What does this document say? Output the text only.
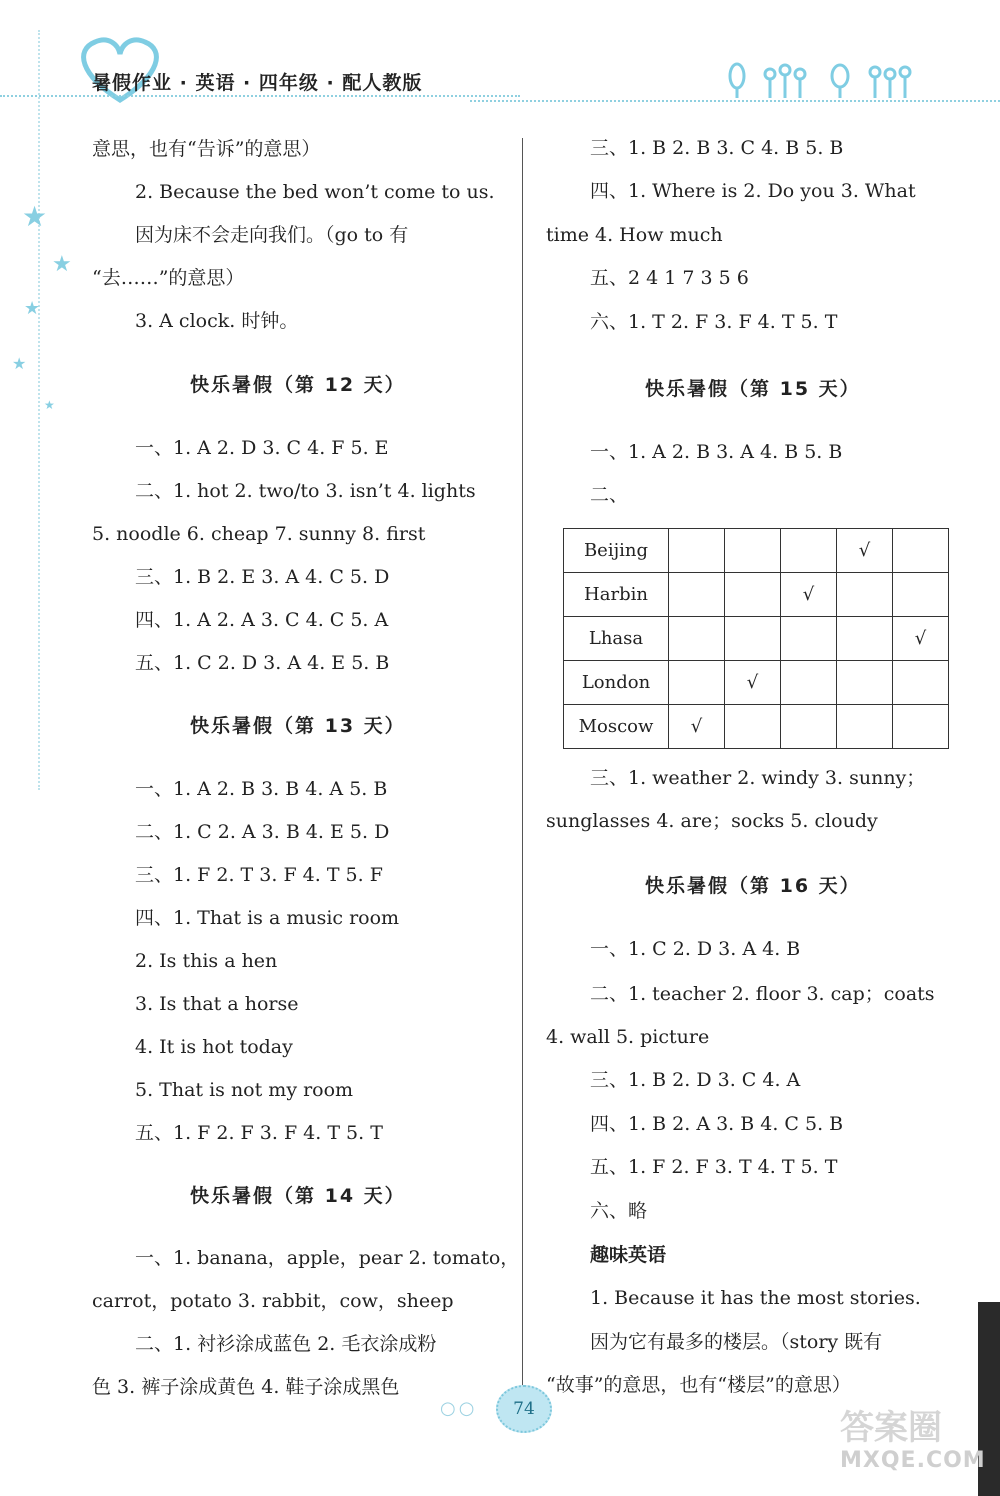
暑假作业 · 英语 · 四年级 · 配人教版
★
★
★
★
★
意思，也有“告诉”的意思）
2. Because the bed won’t come to us.
因为床不会走向我们。（go to 有
“去……”的意思）
3. A clock. 时钟。
快乐暑假（第 12 天）
一、1. A 2. D 3. C 4. F 5. E
二、1. hot 2. two/to 3. isn’t 4. lights
5. noodle 6. cheap 7. sunny 8. first
三、1. B 2. E 3. A 4. C 5. D
四、1. A 2. A 3. C 4. C 5. A
五、1. C 2. D 3. A 4. E 5. B
快乐暑假（第 13 天）
一、1. A 2. B 3. B 4. A 5. B
二、1. C 2. A 3. B 4. E 5. D
三、1. F 2. T 3. F 4. T 5. F
四、1. That is a music room
2. Is this a hen
3. Is that a horse
4. It is hot today
5. That is not my room
五、1. F 2. F 3. F 4. T 5. T
快乐暑假（第 14 天）
一、1. banana，apple，pear 2. tomato，
carrot，potato 3. rabbit，cow，sheep
二、1. 衬衫涂成蓝色 2. 毛衣涂成粉
色 3. 裤子涂成黄色 4. 鞋子涂成黑色
三、1. B 2. B 3. C 4. B 5. B
四、1. Where is 2. Do you 3. What
time 4. How much
五、2 4 1 7 3 5 6
六、1. T 2. F 3. F 4. T 5. T
快乐暑假（第 15 天）
一、1. A 2. B 3. A 4. B 5. B
二、
Beijing				√	
Harbin			√		
Lhasa					√
London		√			
Moscow	√				
三、1. weather 2. windy 3. sunny；
sunglasses 4. are；socks 5. cloudy
快乐暑假（第 16 天）
一、1. C 2. D 3. A 4. B
二、1. teacher 2. floor 3. cap；coats
4. wall 5. picture
三、1. B 2. D 3. C 4. A
四、1. B 2. A 3. B 4. C 5. B
五、1. F 2. F 3. T 4. T 5. T
六、略
趣味英语
1. Because it has the most stories.
因为它有最多的楼层。（story 既有
“故事”的意思，也有“楼层”的意思）
○○	74	答案圈
MXQE.COM
